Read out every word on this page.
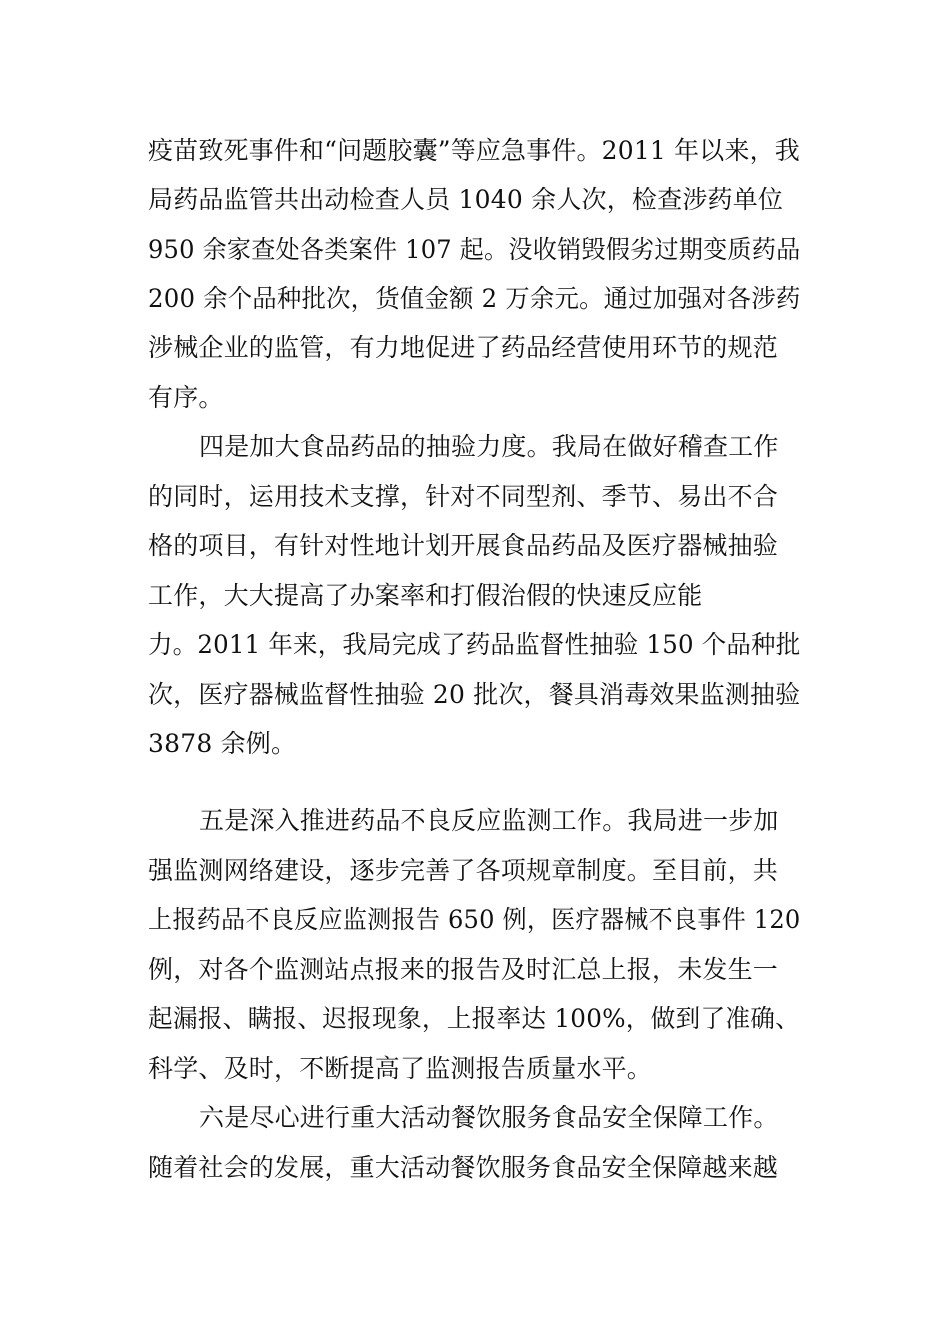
疫苗致死事件和“问题胶囊”等应急事件。2011 年以来，我
局药品监管共出动检查人员 1040 余人次，检查涉药单位
950 余家查处各类案件 107 起。没收销毁假劣过期变质药品
200 余个品种批次，货值金额 2 万余元。通过加强对各涉药
涉械企业的监管，有力地促进了药品经营使用环节的规范
有序。
四是加大食品药品的抽验力度。我局在做好稽查工作
的同时，运用技术支撑，针对不同型剂、季节、易出不合
格的项目，有针对性地计划开展食品药品及医疗器械抽验
工作，大大提高了办案率和打假治假的快速反应能
力。2011 年来，我局完成了药品监督性抽验 150 个品种批
次，医疗器械监督性抽验 20 批次，餐具消毒效果监测抽验
3878 余例。
五是深入推进药品不良反应监测工作。我局进一步加
强监测网络建设，逐步完善了各项规章制度。至目前，共
上报药品不良反应监测报告 650 例，医疗器械不良事件 120
例，对各个监测站点报来的报告及时汇总上报，未发生一
起漏报、瞒报、迟报现象，上报率达 100%，做到了准确、
科学、及时，不断提高了监测报告质量水平。
六是尽心进行重大活动餐饮服务食品安全保障工作。
随着社会的发展，重大活动餐饮服务食品安全保障越来越
